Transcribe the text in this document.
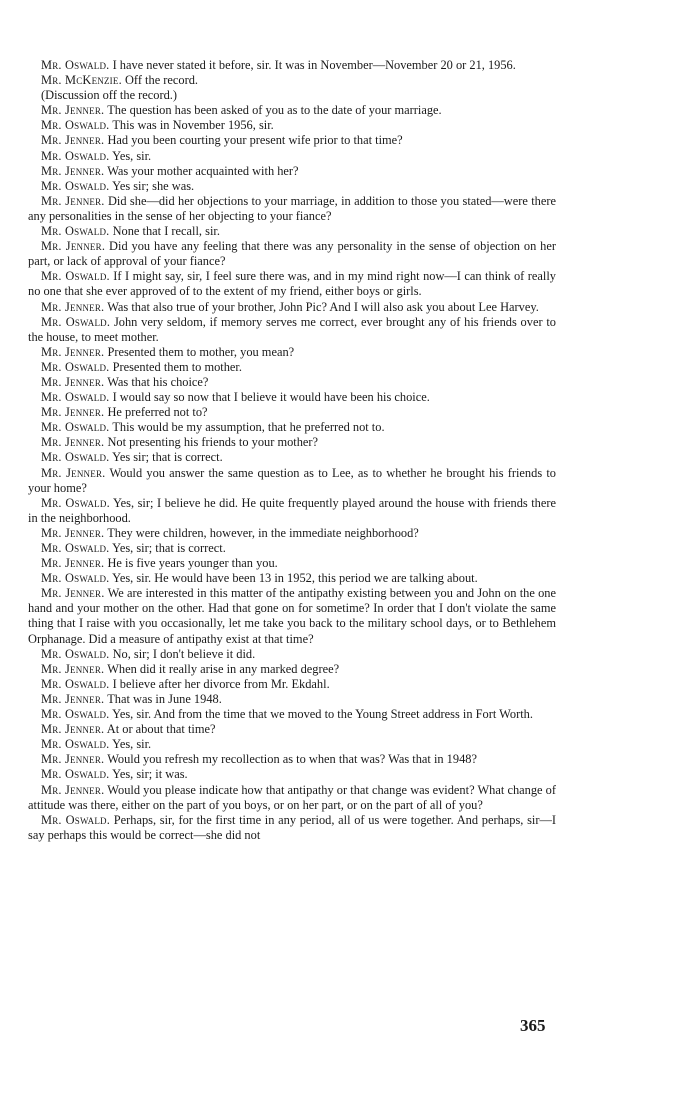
Mr. Oswald. I have never stated it before, sir. It was in November—November 20 or 21, 1956.

Mr. McKenzie. Off the record.

(Discussion off the record.)

Mr. Jenner. The question has been asked of you as to the date of your marriage.

Mr. Oswald. This was in November 1956, sir.

Mr. Jenner. Had you been courting your present wife prior to that time?

Mr. Oswald. Yes, sir.

Mr. Jenner. Was your mother acquainted with her?

Mr. Oswald. Yes sir; she was.

Mr. Jenner. Did she—did her objections to your marriage, in addition to those you stated—were there any personalities in the sense of her objecting to your fiance?

Mr. Oswald. None that I recall, sir.

Mr. Jenner. Did you have any feeling that there was any personality in the sense of objection on her part, or lack of approval of your fiance?

Mr. Oswald. If I might say, sir, I feel sure there was, and in my mind right now—I can think of really no one that she ever approved of to the extent of my friend, either boys or girls.

Mr. Jenner. Was that also true of your brother, John Pic? And I will also ask you about Lee Harvey.

Mr. Oswald. John very seldom, if memory serves me correct, ever brought any of his friends over to the house, to meet mother.

Mr. Jenner. Presented them to mother, you mean?

Mr. Oswald. Presented them to mother.

Mr. Jenner. Was that his choice?

Mr. Oswald. I would say so now that I believe it would have been his choice.

Mr. Jenner. He preferred not to?

Mr. Oswald. This would be my assumption, that he preferred not to.

Mr. Jenner. Not presenting his friends to your mother?

Mr. Oswald. Yes sir; that is correct.

Mr. Jenner. Would you answer the same question as to Lee, as to whether he brought his friends to your home?

Mr. Oswald. Yes, sir; I believe he did. He quite frequently played around the house with friends there in the neighborhood.

Mr. Jenner. They were children, however, in the immediate neighborhood?

Mr. Oswald. Yes, sir; that is correct.

Mr. Jenner. He is five years younger than you.

Mr. Oswald. Yes, sir. He would have been 13 in 1952, this period we are talking about.

Mr. Jenner. We are interested in this matter of the antipathy existing between you and John on the one hand and your mother on the other. Had that gone on for sometime? In order that I don't violate the same thing that I raise with you occasionally, let me take you back to the military school days, or to Bethlehem Orphanage. Did a measure of antipathy exist at that time?

Mr. Oswald. No, sir; I don't believe it did.

Mr. Jenner. When did it really arise in any marked degree?

Mr. Oswald. I believe after her divorce from Mr. Ekdahl.

Mr. Jenner. That was in June 1948.

Mr. Oswald. Yes, sir. And from the time that we moved to the Young Street address in Fort Worth.

Mr. Jenner. At or about that time?

Mr. Oswald. Yes, sir.

Mr. Jenner. Would you refresh my recollection as to when that was? Was that in 1948?

Mr. Oswald. Yes, sir; it was.

Mr. Jenner. Would you please indicate how that antipathy or that change was evident? What change of attitude was there, either on the part of you boys, or on her part, or on the part of all of you?

Mr. Oswald. Perhaps, sir, for the first time in any period, all of us were together. And perhaps, sir—I say perhaps this would be correct—she did not

365
